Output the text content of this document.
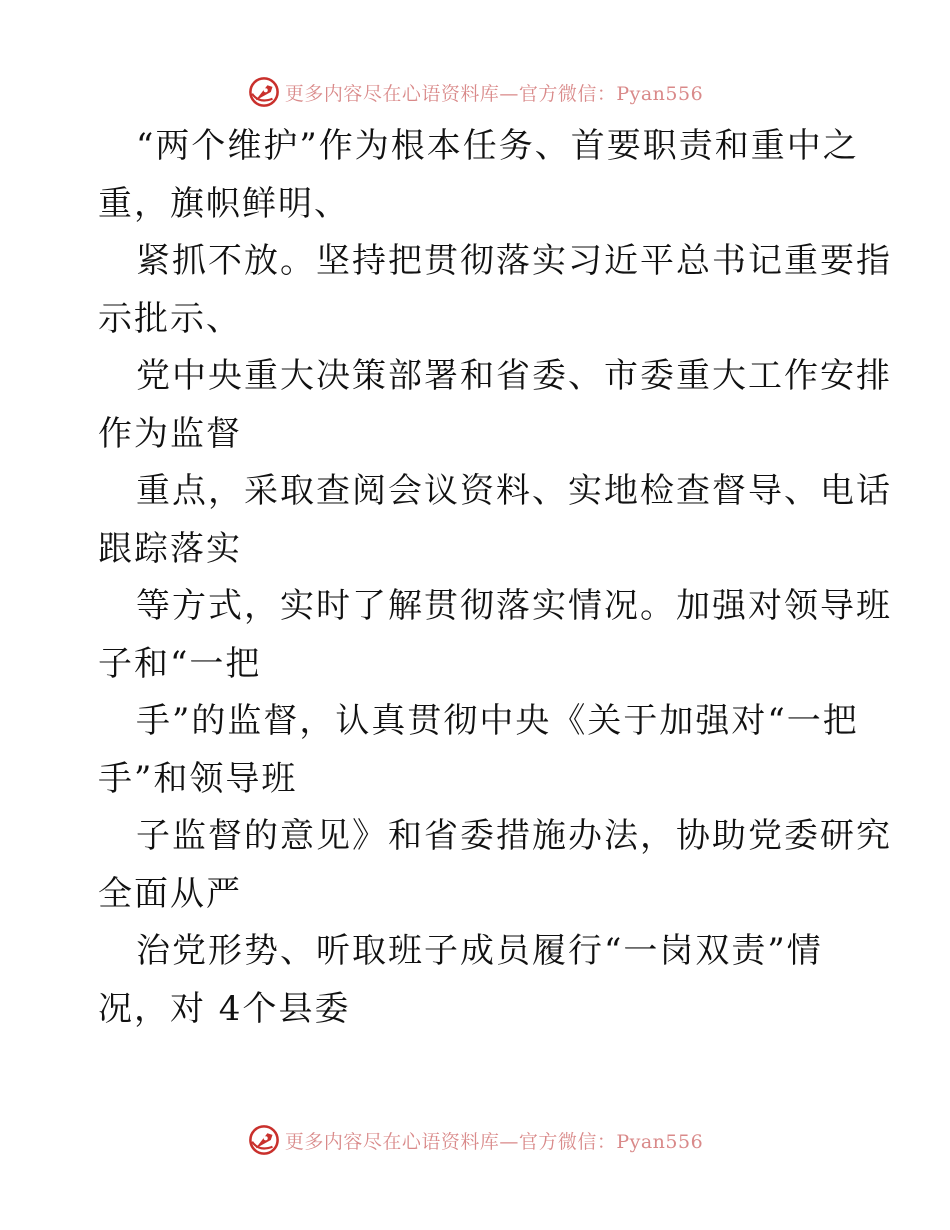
更多内容尽在心语资料库—官方微信：Pyan556
“两个维护”作为根本任务、首要职责和重中之
重，旗帜鲜明、
紧抓不放。坚持把贯彻落实习近平总书记重要指
示批示、
党中央重大决策部署和省委、市委重大工作安排
作为监督
重点，采取查阅会议资料、实地检查督导、电话
跟踪落实
等方式，实时了解贯彻落实情况。加强对领导班
子和“一把
手”的监督，认真贯彻中央《关于加强对“一把
手”和领导班
子监督的意见》和省委措施办法，协助党委研究
全面从严
治党形势、听取班子成员履行“一岗双责”情
况，对 4个县委
更多内容尽在心语资料库—官方微信：Pyan556
